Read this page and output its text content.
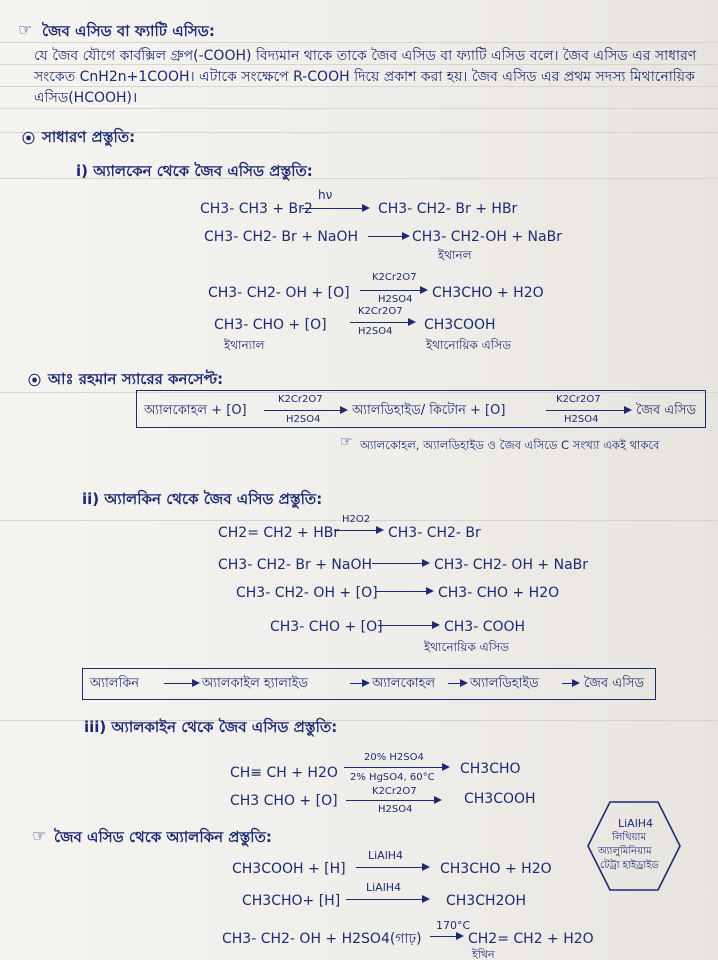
☞ জৈব এসিড বা ফ্যাটি এসিড:
যে জৈব যৌগে কার্বক্সিল গ্রুপ(-COOH) বিদ্যমান থাকে তাকে জৈব এসিড বা ফ্যাটি এসিড বলে। জৈব এসিড এর সাধারণ সংকেত CnH2n+1COOH। এটাকে সংক্ষেপে R-COOH দিয়ে প্রকাশ করা হয়। জৈব এসিড এর প্রথম সদস্য মিথানোয়িক এসিড(HCOOH)।
⦿ সাধারণ প্রস্তুতি:
i) অ্যালকেন থেকে জৈব এসিড প্রস্তুতি:
CH3- CH3 + Br2
hν
CH3- CH2- Br + HBr
CH3- CH2- Br + NaOH → CH3- CH2-OH + NaBr
ইথানল
CH3- CH2- OH + [O]
K2Cr2O7
H2SO4 CH3CHO + H2O
CH3- CHO + [O]
K2Cr2O7
H2SO4 CH3COOH
ইথান্যাল	ইথানোয়িক এসিড
⦿ আঃ রহমান স্যারের কনসেপ্ট:
অ্যালকোহল + [O]
K2Cr2O7
H2SO4
অ্যালডিহাইড/ কিটোন + [O]
K2Cr2O7
H2SO4
জৈব এসিড
☞ অ্যালকোহল, অ্যালডিহাইড ও জৈব এসিডে C সংখ্যা একই থাকবে
ii) অ্যালকিন থেকে জৈব এসিড প্রস্তুতি:
CH2= CH2 + HBr
H2O2
→ CH3- CH2- Br
CH3- CH2- Br + NaOH → CH3- CH2- OH + NaBr
CH3- CH2- OH + [O] → CH3- CHO + H2O
CH3- CHO + [O] → CH3- COOH
ইথানোয়িক এসিড
অ্যালকিন	অ্যালকাইল হ্যালাইড	অ্যালকোহল	অ্যালডিহাইড	জৈব এসিড
iii) অ্যালকাইন থেকে জৈব এসিড প্রস্তুতি:
CH≡ CH + H2O
20% H2SO4
2% HgSO4, 60°C
CH3CHO
CH3 CHO + [O]
K2Cr2O7
H2SO4
CH3COOH
☞ জৈব এসিড থেকে অ্যালকিন প্রস্তুতি:
CH3COOH + [H]
LiAlH4
CH3CHO + H2O
CH3CHO+ [H]
LiAlH4
CH3CH2OH
CH3- CH2- OH + H2SO4(গাঢ়)
170°C
→ CH2= CH2 + H2O
ইথিন
LiAlH4
লিথিয়াম
অ্যালুমিনিয়াম
টেট্রা হাইড্রাইড
